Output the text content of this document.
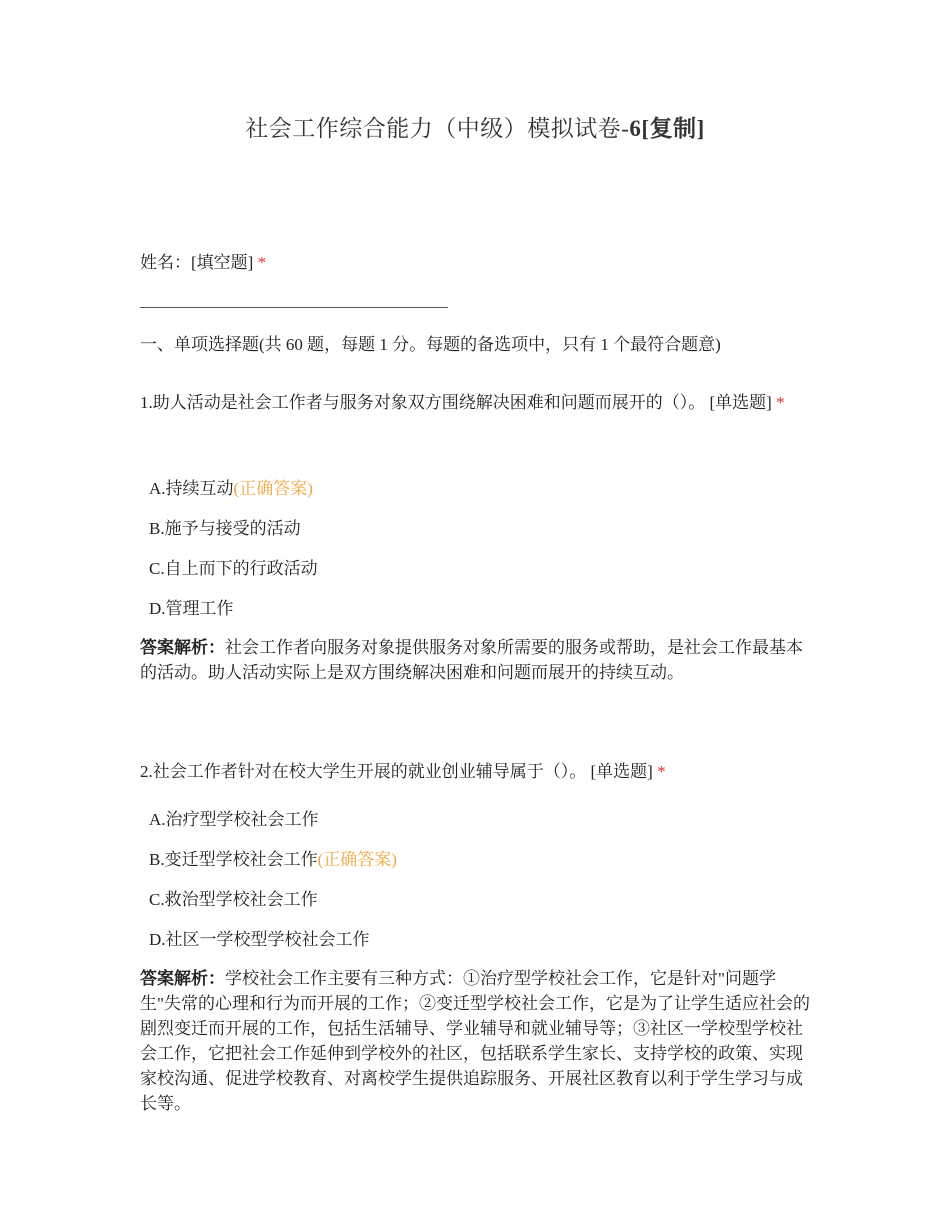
社会工作综合能力（中级）模拟试卷-6[复制]
姓名：[填空题] *
一、单项选择题(共 60 题，每题 1 分。每题的备选项中，只有 1 个最符合题意)
1.助人活动是社会工作者与服务对象双方围绕解决困难和问题而展开的（）。 [单选题] *
A.持续互动(正确答案)
B.施予与接受的活动
C.自上而下的行政活动
D.管理工作
答案解析：社会工作者向服务对象提供服务对象所需要的服务或帮助，是社会工作最基本的活动。助人活动实际上是双方围绕解决困难和问题而展开的持续互动。
2.社会工作者针对在校大学生开展的就业创业辅导属于（）。 [单选题] *
A.治疗型学校社会工作
B.变迁型学校社会工作(正确答案)
C.救治型学校社会工作
D.社区一学校型学校社会工作
答案解析：学校社会工作主要有三种方式：①治疗型学校社会工作，它是针对"问题学生"失常的心理和行为而开展的工作；②变迁型学校社会工作，它是为了让学生适应社会的剧烈变迁而开展的工作，包括生活辅导、学业辅导和就业辅导等；③社区一学校型学校社会工作，它把社会工作延伸到学校外的社区，包括联系学生家长、支持学校的政策、实现家校沟通、促进学校教育、对离校学生提供追踪服务、开展社区教育以利于学生学习与成长等。
